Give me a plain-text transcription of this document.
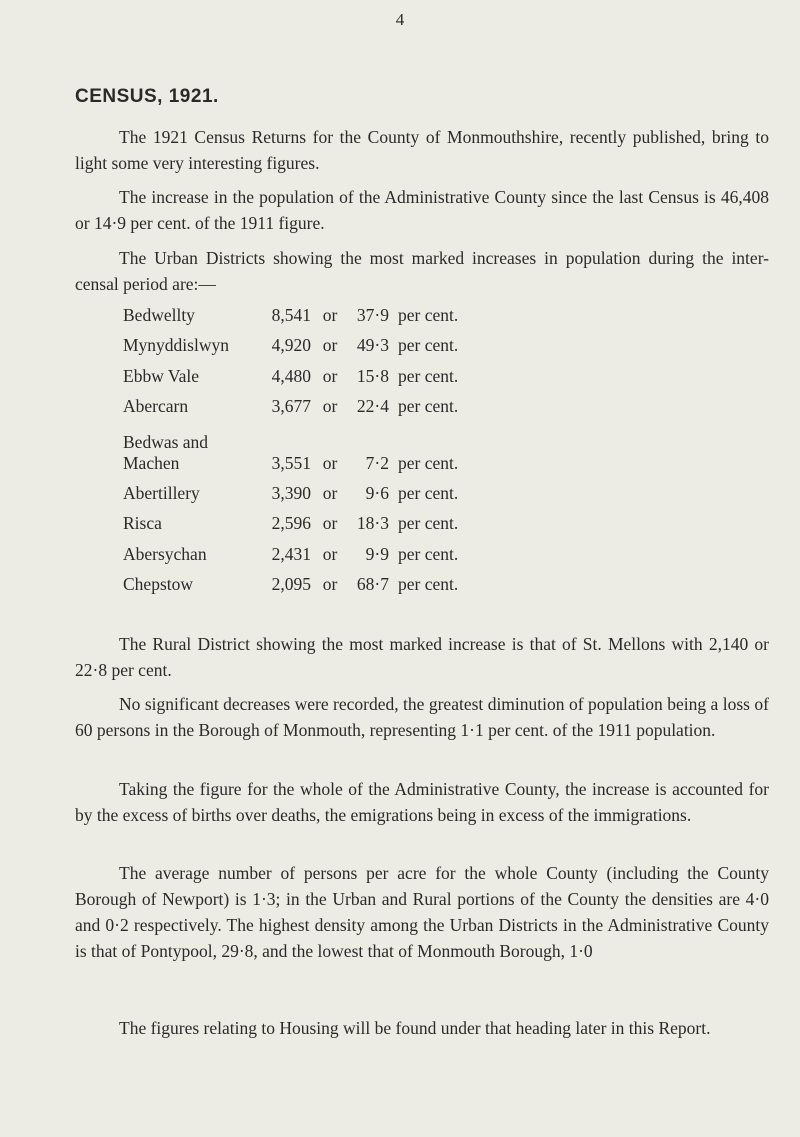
4
CENSUS, 1921.

The 1921 Census Returns for the County of Monmouthshire, recently published, bring to light some very interesting figures.

The increase in the population of the Administrative County since the last Census is 46,408 or 14·9 per cent. of the 1911 figure.

The Urban Districts showing the most marked increases in population during the inter-censal period are:—

Bedwellty	8,541	or	37·9	per cent.
Mynyddislwyn	4,920	or	49·3	per cent.
Ebbw Vale	4,480	or	15·8	per cent.
Abercarn	3,677	or	22·4	per cent.
Bedwas and Machen	3,551	or	7·2	per cent.
Abertillery	3,390	or	9·6	per cent.
Risca	2,596	or	18·3	per cent.
Abersychan	2,431	or	9·9	per cent.
Chepstow	2,095	or	68·7	per cent.

The Rural District showing the most marked increase is that of St. Mellons with 2,140 or 22·8 per cent.

No significant decreases were recorded, the greatest diminution of population being a loss of 60 persons in the Borough of Monmouth, representing 1·1 per cent. of the 1911 population.

Taking the figure for the whole of the Administrative County, the increase is accounted for by the excess of births over deaths, the emigrations being in excess of the immigrations.

The average number of persons per acre for the whole County (including the County Borough of Newport) is 1·3; in the Urban and Rural portions of the County the densities are 4·0 and 0·2 respectively. The highest density among the Urban Districts in the Administrative County is that of Pontypool, 29·8, and the lowest that of Monmouth Borough, 1·0

The figures relating to Housing will be found under that heading later in this Report.
